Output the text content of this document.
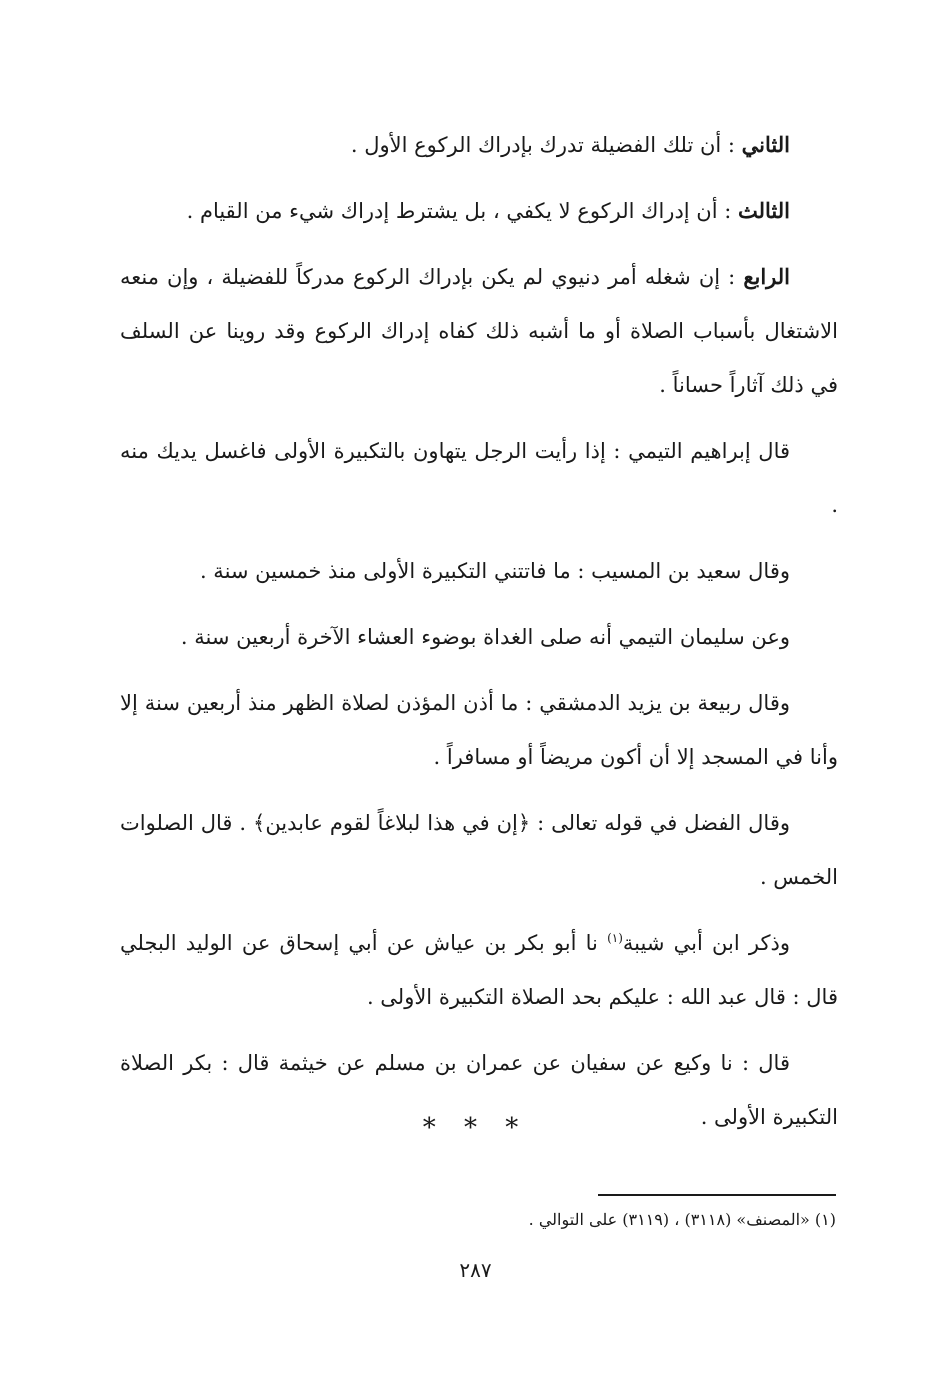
الثاني : أن تلك الفضيلة تدرك بإدراك الركوع الأول .

الثالث : أن إدراك الركوع لا يكفي ، بل يشترط إدراك شيء من القيام .

الرابع : إن شغله أمر دنيوي لم يكن بإدراك الركوع مدركاً للفضيلة ، وإن منعه الاشتغال بأسباب الصلاة أو ما أشبه ذلك كفاه إدراك الركوع وقد روينا عن السلف في ذلك آثاراً حساناً .

قال إبراهيم التيمي : إذا رأيت الرجل يتهاون بالتكبيرة الأولى فاغسل يديك منه .

وقال سعيد بن المسيب : ما فاتتني التكبيرة الأولى منذ خمسين سنة .

وعن سليمان التيمي أنه صلى الغداة بوضوء العشاء الآخرة أربعين سنة .

وقال ربيعة بن يزيد الدمشقي : ما أذن المؤذن لصلاة الظهر منذ أربعين سنة إلا وأنا في المسجد إلا أن أكون مريضاً أو مسافراً .

وقال الفضل في قوله تعالى : ﴿إن في هذا لبلاغاً لقوم عابدين﴾ . قال الصلوات الخمس .

وذكر ابن أبي شيبة$^{(١)}$ نا أبو بكر بن عياش عن أبي إسحاق عن الوليد البجلي قال : قال عبد الله : عليكم بحد الصلاة التكبيرة الأولى .

قال : نا وكيع عن سفيان عن عمران بن مسلم عن خيثمة قال : بكر الصلاة التكبيرة الأولى .

* * *
(١) «المصنف» (٣١١٨) ، (٣١١٩) على التوالي .
٢٨٧
